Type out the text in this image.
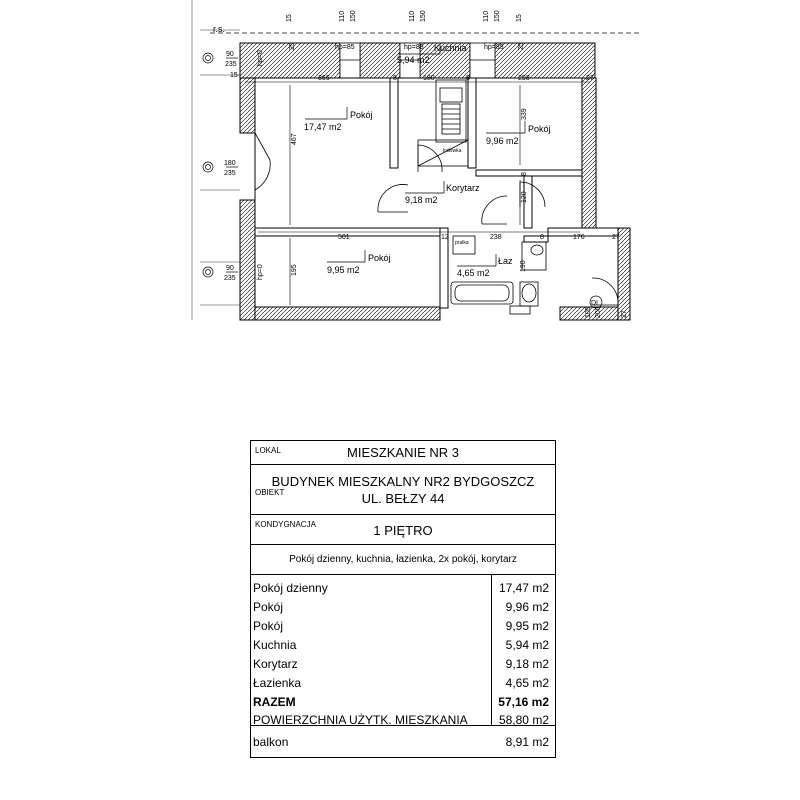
r.s.
15	110 150	110 150	110 150 15
hp=85	hp=85	hp=85
hp=0
hp=0
25	25
90
235
15
180
235
90
235
366	180
8	8	293	27
501	12	238	8	176	27
467
339
195
120
8
190
105 200	27
Pokój
17,47 m2
Kuchnia
5,94 m2
Pokój
9,96 m2
Korytarz
9,18 m2
Pokój
9,95 m2
Łaz
4,65 m2
lodówka
pralka
DI
LOKAL	MIESZKANIE NR 3
OBIEKT
BUDYNEK MIESZKALNY NR2 BYDGOSZCZ
UL. BEŁZY 44
KONDYGNACJA	1 PIĘTRO
Pokój dzienny, kuchnia, łazienka, 2x pokój, korytarz
Pokój dzienny	17,47 m2
Pokój	9,96 m2
Pokój	9,95 m2
Kuchnia	5,94 m2
Korytarz	9,18 m2
Łazienka	4,65 m2
RAZEM	57,16 m2
POWIERZCHNIA UŻYTK. MIESZKANIA	58,80 m2
balkon	8,91 m2
